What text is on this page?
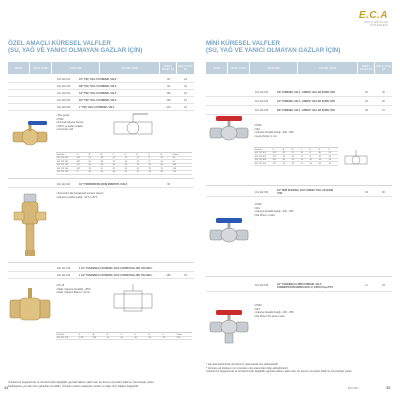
ÖZEL AMAÇLI KÜRESEL VALFLER
(SU, YAĞ VE YANICI OLMAYAN GAZLAR İÇİN)
ÜRÜN	ÜRÜN KODU	ÜRÜN ADI	TEKNİK ÇİZİM	ADET / PAKET İÇİ
ADET / KOLİ İÇİ
101 122 101	1/4" TEÇ YOLLU KÜRESEL VALF	96	24
101 122 102	3/8" TEÇ YOLLU KÜRESEL VALF	96	24
101 122 103	1/2" TEÇ YOLLU KÜRESEL VALF	160	20
101 122 104	3/4" TEÇ YOLLU KÜRESEL VALF	160	10
101 122 105	1" TEÇ YOLLU KÜRESEL VALF	272	12
• Tam geçişli
• PN30
• Nominal çalışma basıncı
• 100°C ye kadar sıcaklık
• 2 konumlu valf
Ürün No	G	A	B	C	D	E	F	H	Paket
101 122 101	1/4"	55	38	32	14	12	8	50	96
101 122 102	3/8"	55	38	32	14	12	8	50	96
101 122 103	1/2"	60	44	36	16	15	10	60	160
101 122 104	3/4"	70	50	42	18	20	12	70	160
101 122 105	1"	84	58	48	20	25	16	80	272
401 111 118	1/2" TERMOSIFON ÇIKIŞ EMNİYETLİ VALF	36
• Termosifon ilişi hassasiyetli emniyet sistemi
• Çalışma sıcaklık aralığı: -10°C/+ 80°C
402 112 128	1 1/4" TANGENÇLU KÜRESEL VALF (YARIM KOLLAR) YOLUNLU
402 112 129	1 1/2" TANGENÇLU KÜRESEL VALF (YARIM KOLLAR) YOLUNLU	250	15
• PN 16
• Maks. Çalışma Sıcaklığı: +85°C
• Maks. Çalışma Basıncı: 10 bar
Ürün No	G	A	B	C	D	E	F	Paket
402 112 128	1 1/4"	118	70	64	40	32	28	250
Ürünlerimiz belgelerinde ve ürünlerimizde değişiklik yapmak hakkını saklı tutar, bu durumu önceden bildirme zorunluluğu yoktur.
Kataloglaron yer alan ürün görselleri temsilidir. Ürünlerin sizlere ulaştırılan renkler ve diğer ürün bilgileri değişebilir.
34
E.C.A
AKILLI EŞYALAR SİSTEMLERİ
MİNİ KÜRESEL VALFLER
(SU, YAĞ VE YANICI OLMAYAN GAZLAR İÇİN)
ÜRÜN	ÜRÜN KODU	ÜRÜN ADI	TEKNİK ÇİZİM	ADET / PAKET İÇİ
ADET / KOLİ İÇİ
101 112 101	1/8" KÜRESEL VALF - ERKEK YOLLAR İÇ/DIŞ YON	20	30
101 112 102	1/4" KÜRESEL VALF - ERKEK YOLLAR İÇ/DIŞ YON	24	40
101 112 103	3/8" KÜRESEL VALF - ERKEK YOLLAR İÇ/DIŞ YON	48	72
• PN30
• Mini
• Çalışma Sıcaklık Aralığı: -20C - 85C
• Geçiş Ölçüsü: 4 mm
Ürün No	G	A	B	C	D	E	F
101 112 101	1/8"	42	22	16	8	30	24
101 112 102	1/4"	44	24	17	8	32	26
101 112 103	3/8"	46	26	19	10	34	28
101 112 104	1/2"	50	28	21	10	36	30
101 112 150	1/2" MİNİ KÜRESEL VALF ERKEK YOLLAR İÇ/DIŞ YON	36	36
• PN30
• Mini
• Çalışma Sıcaklık Aralığı: -20C - 85C
• Dar Piston 1 valve
101 112 155	1/2" TANGENÇLU MİNİ KÜRESEL VALF - KONNEKSİYON ERKEK-KOLLU, EPOXİ Veya PTX	11	24
• PN30
• Mini
• Çalışma Sıcaklık Aralığı: -20C - 85C
• Dar Piston Tipi ekseni valve
* Işık sistemlerimizde ürünlerimiz yasal olarak test edilmektedir.
* Ürünlere ait ölçülere mm cinsinden olup sitemizden bilgi edinebilirsiniz.
Ürünlerimiz belgelerinde ve ürünlerimizde değişiklik yapmak hakkını saklı tutar, bu durumu önceden bildirme zorunluluğu yoktur.
ECA 1417	35
